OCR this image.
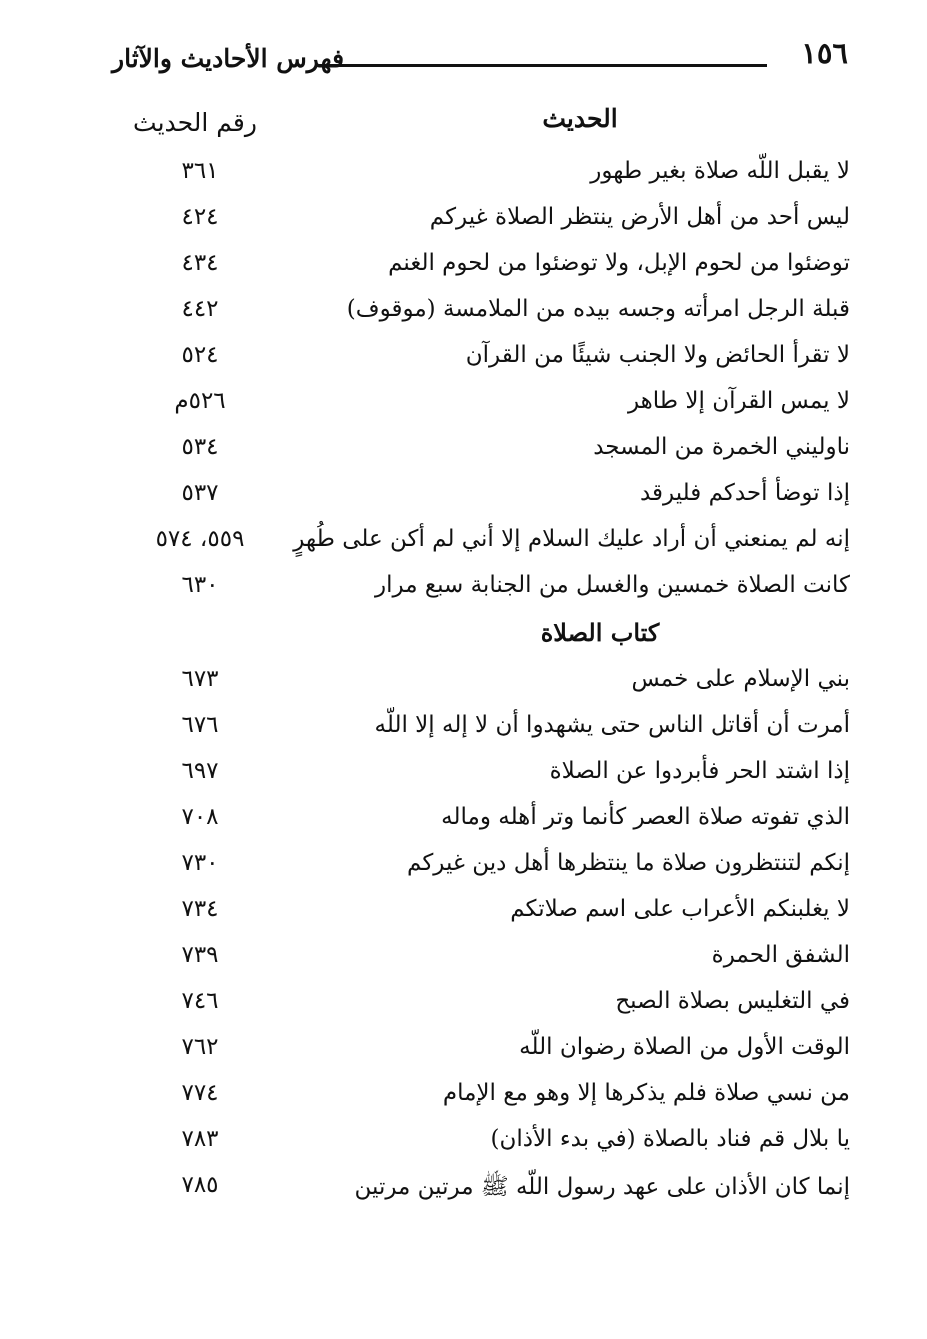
١٥٦
فهرس الأحاديث والآثار
الحديث
رقم الحديث
لا يقبل اللّه صلاة بغير طهور
٣٦١
ليس أحد من أهل الأرض ينتظر الصلاة غيركم
٤٢٤
توضئوا من لحوم الإبل، ولا توضئوا من لحوم الغنم
٤٣٤
قبلة الرجل امرأته وجسه بيده من الملامسة (موقوف)
٤٤٢
لا تقرأ الحائض ولا الجنب شيئًا من القرآن
٥٢٤
لا يمس القرآن إلا طاهر
٥٢٦م
ناوليني الخمرة من المسجد
٥٣٤
إذا توضأ أحدكم فليرقد
٥٣٧
إنه لم يمنعني أن أراد عليك السلام إلا أني لم أكن على طُهرٍ
٥٥٩، ٥٧٤
كانت الصلاة خمسين والغسل من الجنابة سبع مرار
٦٣٠
كتاب الصلاة
بني الإسلام على خمس
٦٧٣
أمرت أن أقاتل الناس حتى يشهدوا أن لا إله إلا اللّه
٦٧٦
إذا اشتد الحر فأبردوا عن الصلاة
٦٩٧
الذي تفوته صلاة العصر كأنما وتر أهله وماله
٧٠٨
إنكم لتنتظرون صلاة ما ينتظرها أهل دين غيركم
٧٣٠
لا يغلبنكم الأعراب على اسم صلاتكم
٧٣٤
الشفق الحمرة
٧٣٩
في التغليس بصلاة الصبح
٧٤٦
الوقت الأول من الصلاة رضوان اللّه
٧٦٢
من نسي صلاة فلم يذكرها إلا وهو مع الإمام
٧٧٤
يا بلال قم فناد بالصلاة (في بدء الأذان)
٧٨٣
إنما كان الأذان على عهد رسول اللّه ﷺ مرتين مرتين
٧٨٥
